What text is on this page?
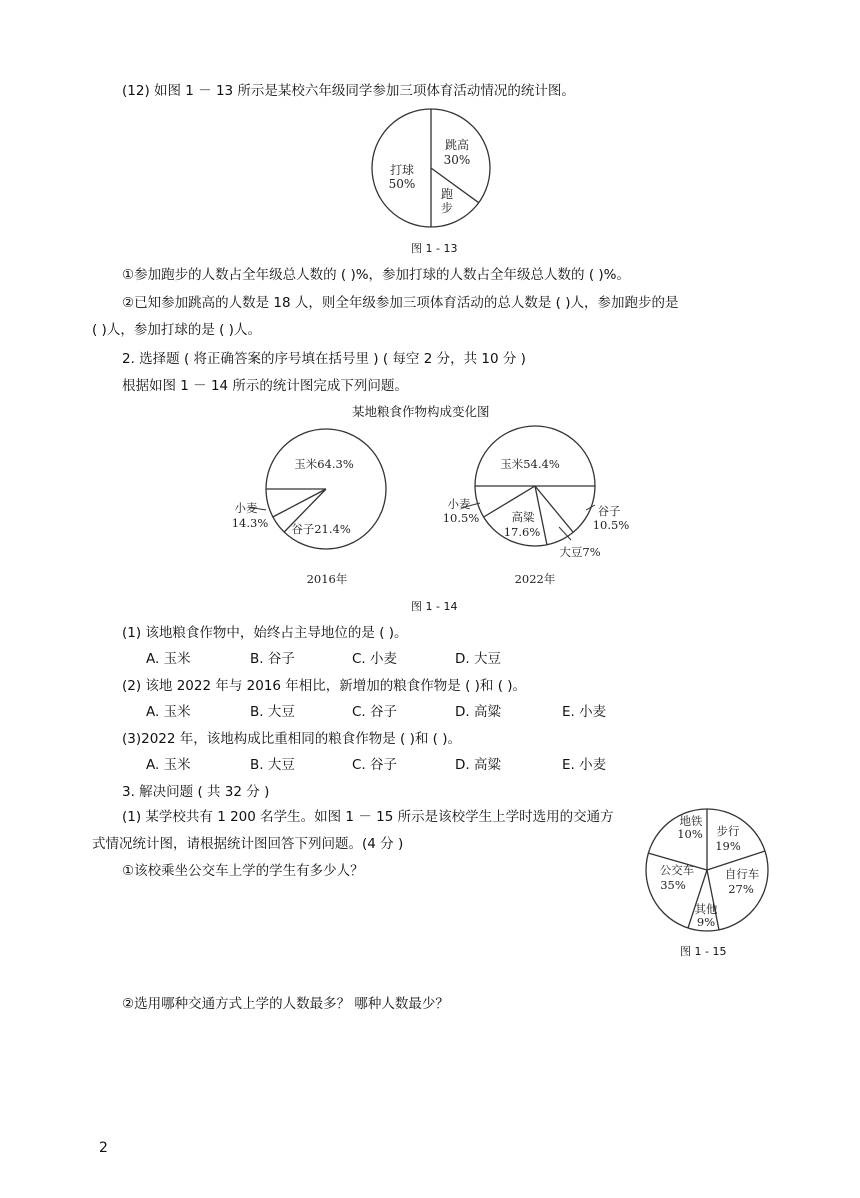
(12) 如图 1 － 13 所示是某校六年级同学参加三项体育活动情况的统计图。
跳高
30%
打球
50%
跑
步
图 1 - 13
①参加跑步的人数占全年级总人数的 ( )%，参加打球的人数占全年级总人数的 ( )%。
②已知参加跳高的人数是 18 人，则全年级参加三项体育活动的总人数是 ( )人，参加跑步的是
( )人，参加打球的是 ( )人。
2. 选择题 ( 将正确答案的序号填在括号里 ) ( 每空 2 分，共 10 分 )
根据如图 1 － 14 所示的统计图完成下列问题。
某地粮食作物构成变化图
玉米64.3%
小麦
14.3% 谷子21.4%
2016年
玉米54.4%
小麦
10.5%	高粱
17.6%
谷子
10.5%
大豆7%
2022年
图 1 - 14
(1) 该地粮食作物中，始终占主导地位的是 ( )。
A. 玉米	B. 谷子	C. 小麦	D. 大豆
(2) 该地 2022 年与 2016 年相比，新增加的粮食作物是 ( )和 ( )。
A. 玉米	B. 大豆	C. 谷子	D. 高粱	E. 小麦
(3)2022 年，该地构成比重相同的粮食作物是 ( )和 ( )。
A. 玉米	B. 大豆	C. 谷子	D. 高粱	E. 小麦
3. 解决问题 ( 共 32 分 )
(1) 某学校共有 1 200 名学生。如图 1 － 15 所示是该校学生上学时选用的交通方
式情况统计图，请根据统计图回答下列问题。(4 分 )
①该校乘坐公交车上学的学生有多少人？
地铁
10% 步行
19%
公交车
35%
自行车
27%
其他
9%
图 1 - 15
②选用哪种交通方式上学的人数最多？ 哪种人数最少？
2
